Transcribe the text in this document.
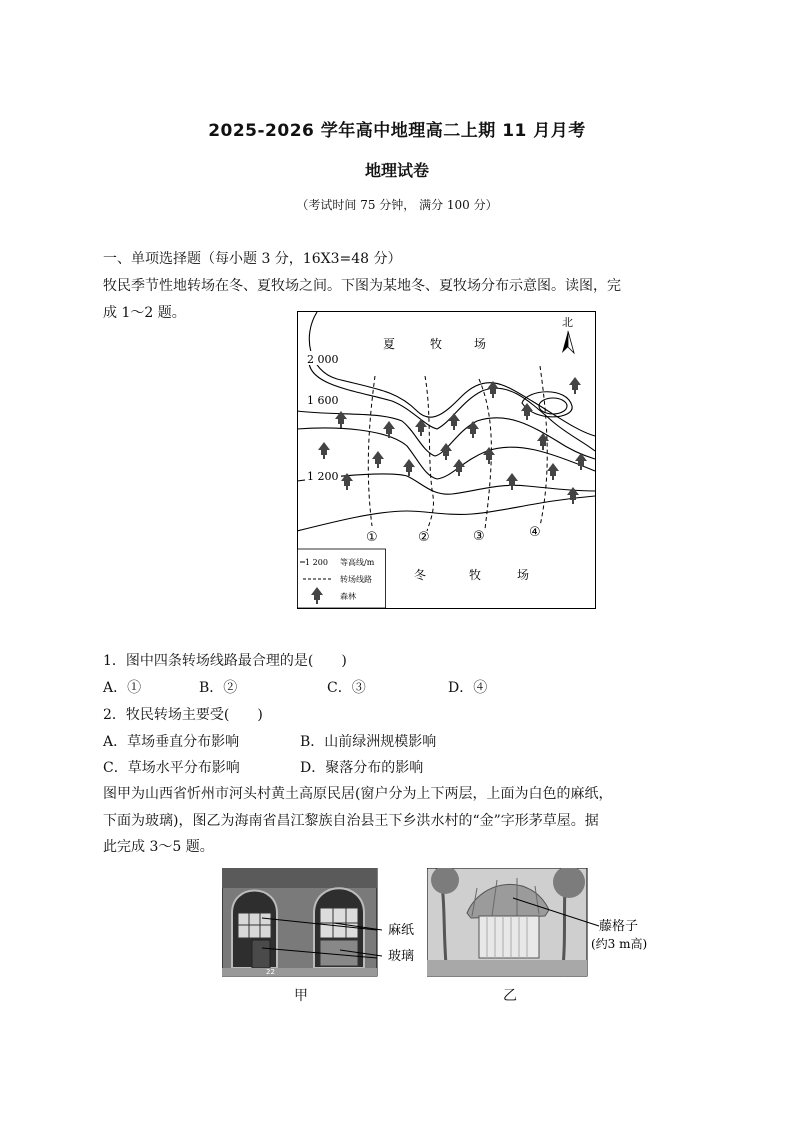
2025-2026 学年高中地理高二上期 11 月月考
地理试卷
（考试时间 75 分钟， 满分 100 分）
一、单项选择题（每小题 3 分，16X3=48 分）
牧民季节性地转场在冬、夏牧场之间。下图为某地冬、夏牧场分布示意图。读图，完
成 1～2 题。
北
夏	牧	场
2 000
1 600
1 200
①	②	③	④
1 200 等高线/m
转场线路
森林
冬	牧	场
1．图中四条转场线路最合理的是(　　)
A．①	B．②	C．③	D．④
2．牧民转场主要受(　　)
A．草场垂直分布影响	B．山前绿洲规模影响
C．草场水平分布影响	D．聚落分布的影响
图甲为山西省忻州市河头村黄土高原民居(窗户分为上下两层，上面为白色的麻纸，
下面为玻璃)，图乙为海南省昌江黎族自治县王下乡洪水村的“金”字形茅草屋。据
此完成 3～5 题。
22
麻纸
玻璃
甲
藤格子
(约3 m高)
乙
